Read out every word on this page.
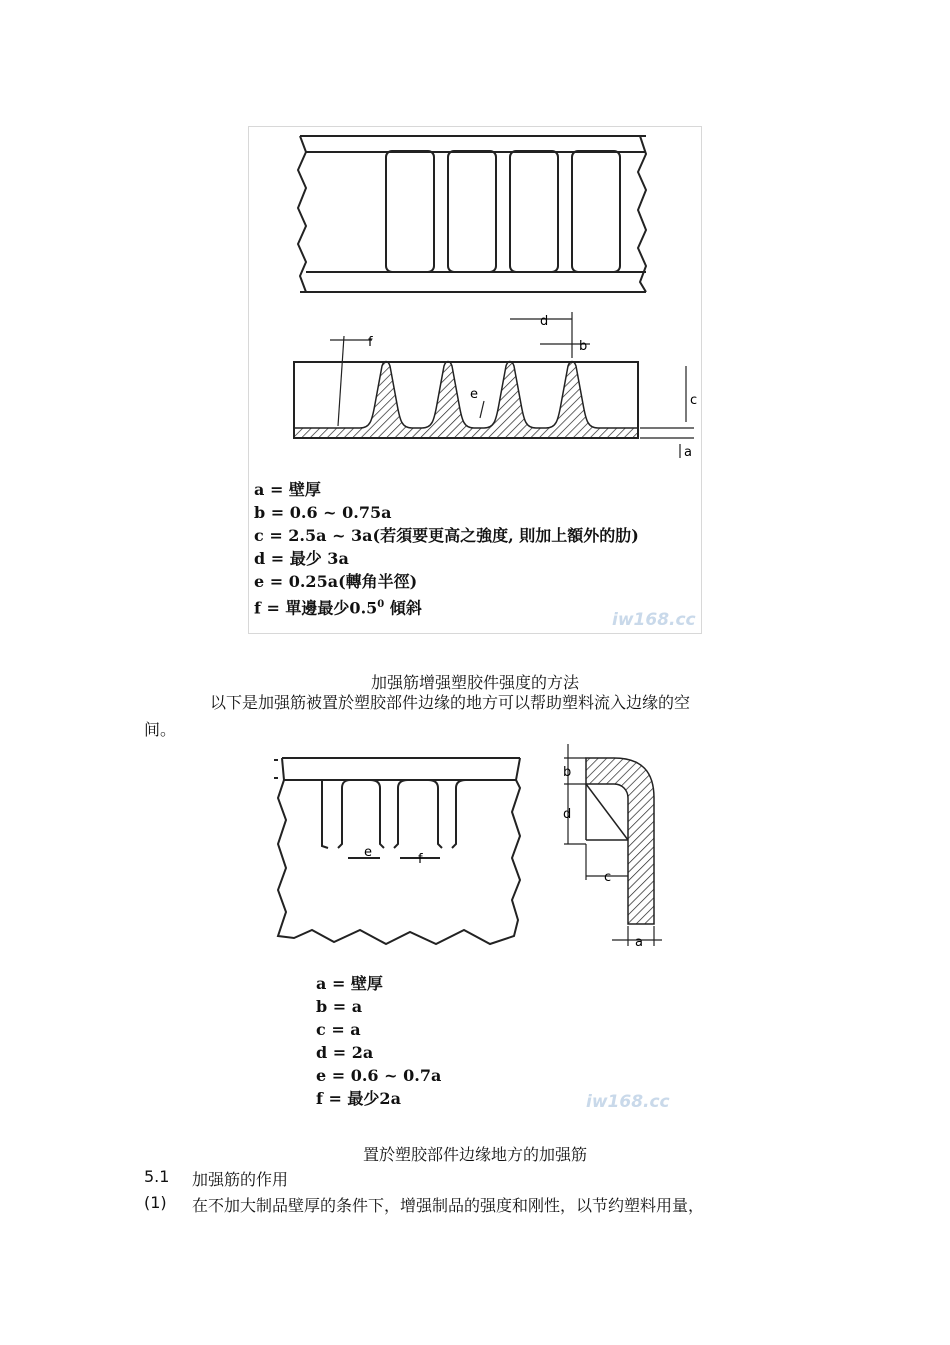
d
b
f
e	c
a
a = 壁厚
b = 0.6 ~ 0.75a
c = 2.5a ~ 3a(若須要更高之強度, 則加上額外的肋)
d = 最少 3a
e = 0.25a(轉角半徑)
f = 單邊最少$0.5^0$ 傾斜
iw168.cc
加强筋增强塑胶件强度的方法
以下是加强筋被置於塑胶部件边缘的地方可以帮助塑料流入边缘的空
间。
e	f
b
d
c
a
a = 壁厚
b = a
c = a
d = 2a
e = 0.6 ~ 0.7a
f = 最少2a	iw168.cc
置於塑胶部件边缘地方的加强筋
5.1 加强筋的作用
(1) 在不加大制品壁厚的条件下，增强制品的强度和刚性，以节约塑料用量，
